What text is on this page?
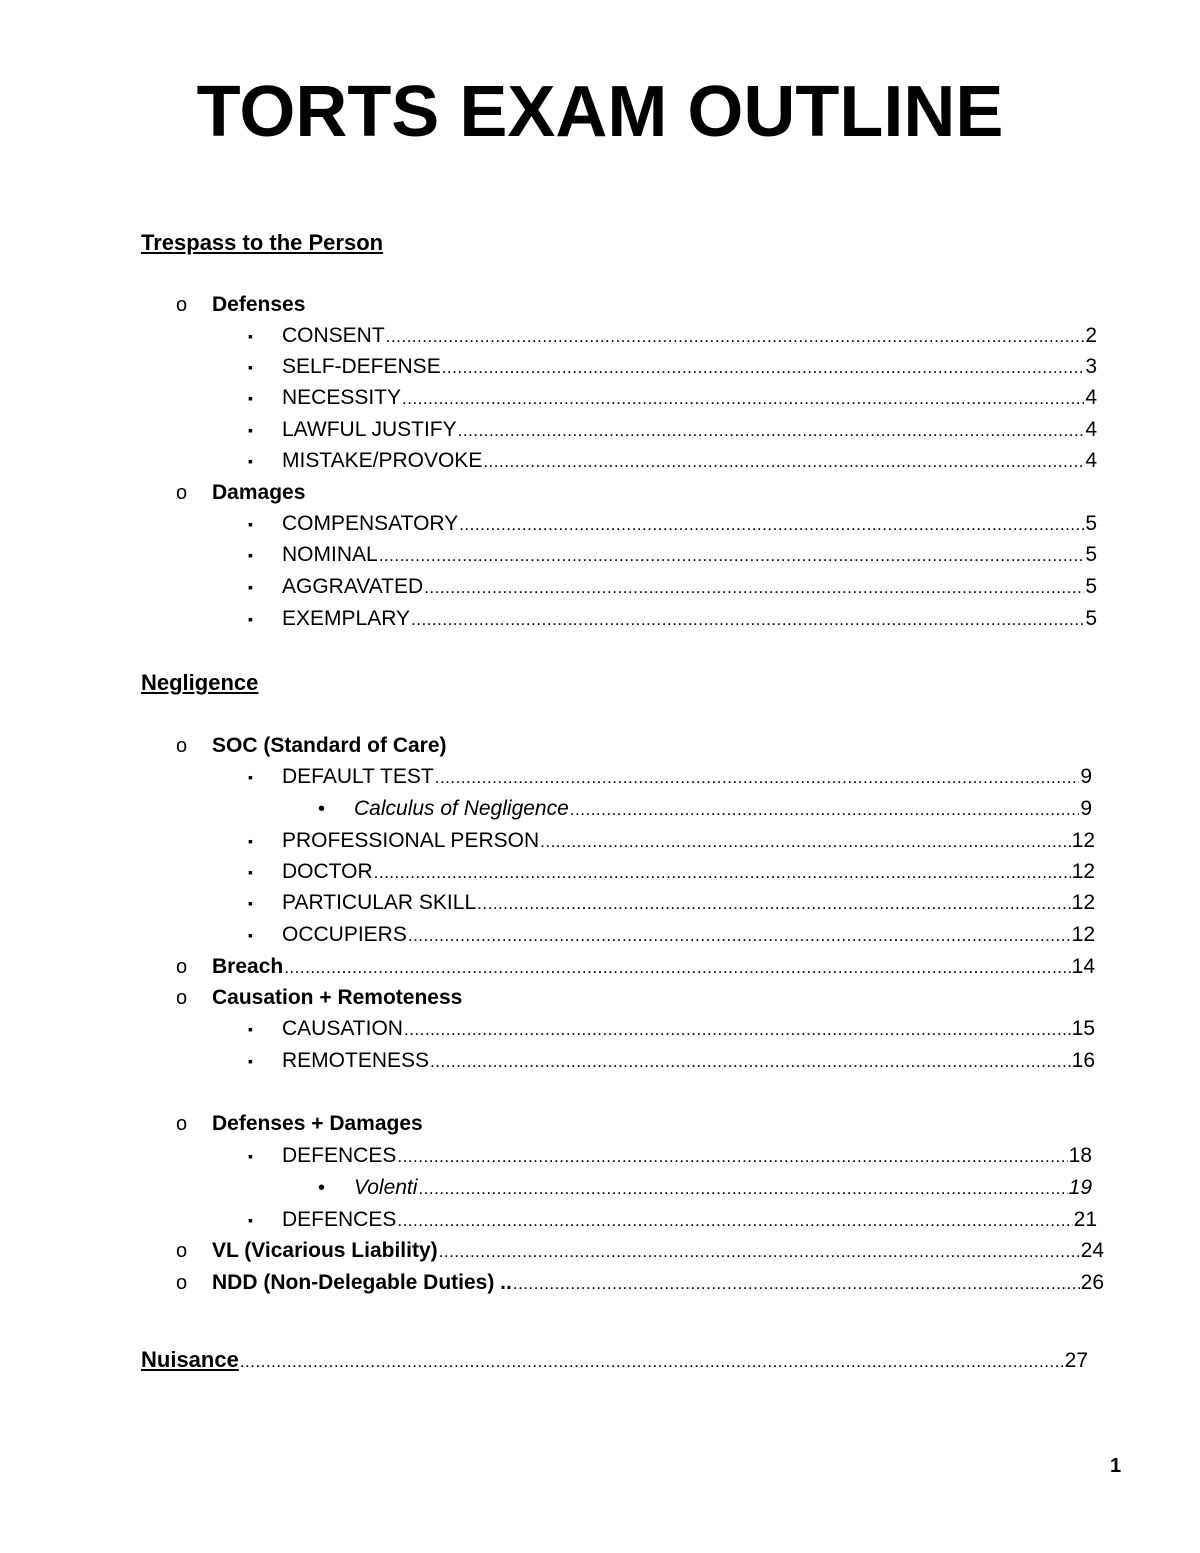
TORTS EXAM OUTLINE
Trespass to the Person
o Defenses
▪ CONSENT .....	2
▪ SELF-DEFENSE .....	3
▪ NECESSITY .....	4
▪ LAWFUL JUSTIFY .....	4
▪ MISTAKE/PROVOKE .....	4
o Damages
▪ COMPENSATORY .....	5
▪ NOMINAL .....	5
▪ AGGRAVATED .....	5
▪ EXEMPLARY .....	5
Negligence
o SOC (Standard of Care)
▪ DEFAULT TEST .....	9
• Calculus of Negligence .....	9
▪ PROFESSIONAL PERSON .....	12
▪ DOCTOR .....	12
▪ PARTICULAR SKILL .....	12
▪ OCCUPIERS .....	12
o Breach .....	14
o Causation + Remoteness
▪ CAUSATION .....	15
▪ REMOTENESS .....	16
o Defenses + Damages
▪ DEFENCES .....	18
• Volenti .....	19
▪ DEFENCES .....	21
o VL (Vicarious Liability) .....	24
o NDD (Non-Delegable Duties) .. .....	26
Nuisance .....	27
1
